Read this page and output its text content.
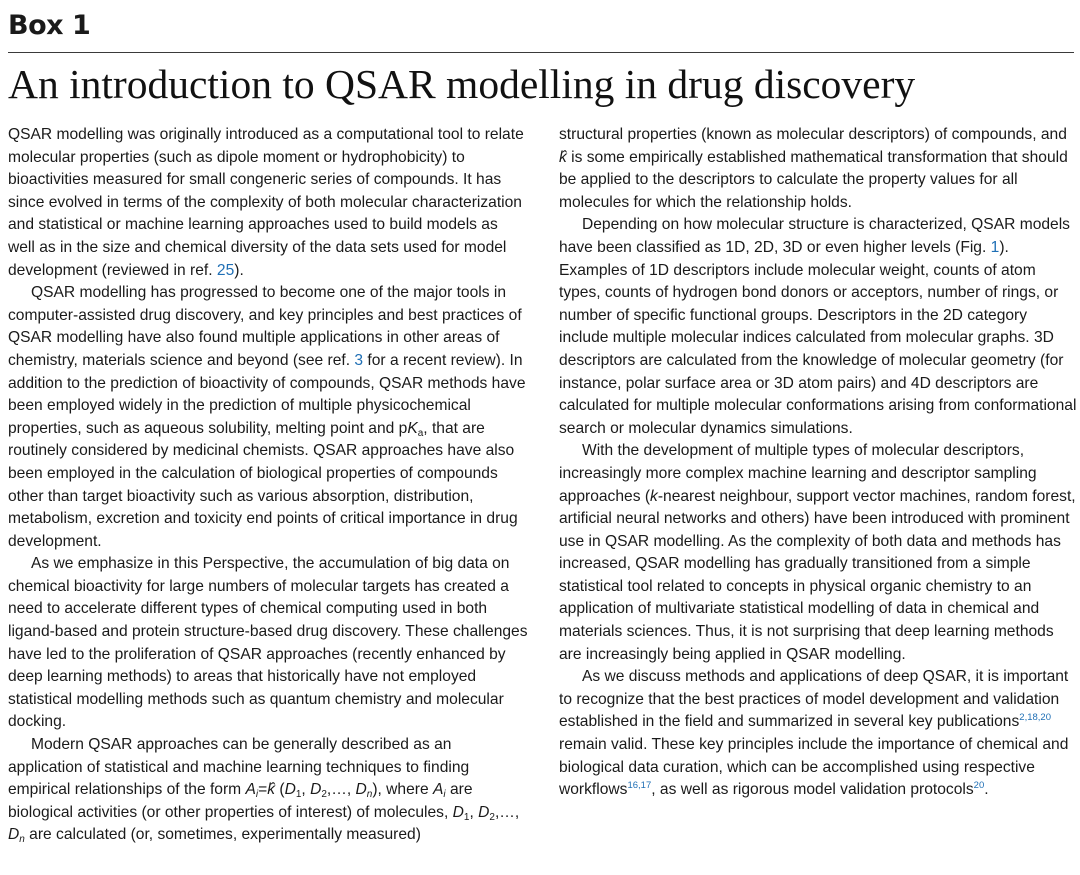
Box 1
An introduction to QSAR modelling in drug discovery

QSAR modelling was originally introduced as a computational tool to relate molecular properties (such as dipole moment or hydrophobicity) to bioactivities measured for small congeneric series of compounds. It has since evolved in terms of the complexity of both molecular characterization and statistical or machine learning approaches used to build models as well as in the size and chemical diversity of the data sets used for model development (reviewed in ref. 25).

QSAR modelling has progressed to become one of the major tools in computer-assisted drug discovery, and key principles and best practices of QSAR modelling have also found multiple applications in other areas of chemistry, materials science and beyond (see ref. 3 for a recent review). In addition to the prediction of bioactivity of compounds, QSAR methods have been employed widely in the prediction of multiple physicochemical properties, such as aqueous solubility, melting point and $pK_a$, that are routinely considered by medicinal chemists. QSAR approaches have also been employed in the calculation of biological properties of compounds other than target bioactivity such as various absorption, distribution, metabolism, excretion and toxicity end points of critical importance in drug development.

As we emphasize in this Perspective, the accumulation of big data on chemical bioactivity for large numbers of molecular targets has created a need to accelerate different types of chemical computing used in both ligand-based and protein structure-based drug discovery. These challenges have led to the proliferation of QSAR approaches (recently enhanced by deep learning methods) to areas that historically have not employed statistical modelling methods such as quantum chemistry and molecular docking.

Modern QSAR approaches can be generally described as an application of statistical and machine learning techniques to finding empirical relationships of the form $A_i=k̂$ ($D_1$, $D_2,\dots$, $D_n$), where $A_i$ are biological activities (or other properties of interest) of molecules, $D_1$, $D_2,\dots$, $D_n$ are calculated (or, sometimes, experimentally measured)

structural properties (known as molecular descriptors) of compounds, and k̂ is some empirically established mathematical transformation that should be applied to the descriptors to calculate the property values for all molecules for which the relationship holds.

Depending on how molecular structure is characterized, QSAR models have been classified as 1D, 2D, 3D or even higher levels (Fig. 1). Examples of 1D descriptors include molecular weight, counts of atom types, counts of hydrogen bond donors or acceptors, number of rings, or number of specific functional groups. Descriptors in the 2D category include multiple molecular indices calculated from molecular graphs. 3D descriptors are calculated from the knowledge of molecular geometry (for instance, polar surface area or 3D atom pairs) and 4D descriptors are calculated for multiple molecular conformations arising from conformational search or molecular dynamics simulations.

With the development of multiple types of molecular descriptors, increasingly more complex machine learning and descriptor sampling approaches (k-nearest neighbour, support vector machines, random forest, artificial neural networks and others) have been introduced with prominent use in QSAR modelling. As the complexity of both data and methods has increased, QSAR modelling has gradually transitioned from a simple statistical tool related to concepts in physical organic chemistry to an application of multivariate statistical modelling of data in chemical and materials sciences. Thus, it is not surprising that deep learning methods are increasingly being applied in QSAR modelling.

As we discuss methods and applications of deep QSAR, it is important to recognize that the best practices of model development and validation established in the field and summarized in several key publications$^{2,18,20}$ remain valid. These key principles include the importance of chemical and biological data curation, which can be accomplished using respective workflows$^{16,17}$, as well as rigorous model validation protocols$^{20}$.
